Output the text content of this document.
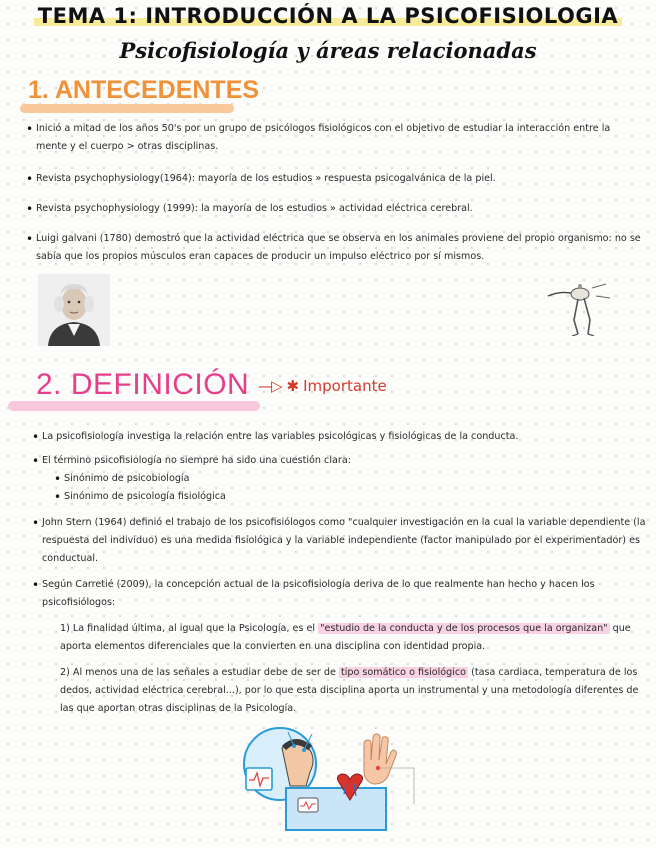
TEMA 1: INTRODUCCIÓN A LA PSICOFISIOLOGIA
Psicofisiología y áreas relacionadas
1. ANTECEDENTES
• Inició a mitad de los años 50's por un grupo de psicólogos fisiológicos con el objetivo de estudiar la interacción entre la mente y el cuerpo > otras disciplinas.
• Revista psychophysiology(1964): mayoría de los estudios » respuesta psicogalvánica de la piel.
• Revista psychophysiology (1999): la mayoría de los estudios » actividad eléctrica cerebral.
• Luigi galvani (1780) demostró que la actividad eléctrica que se observa en los animales proviene del propio organismo: no se sabía que los propios músculos eran capaces de producir un impulso eléctrico por sí mismos.
2. DEFINICIÓN —▷ ✱ Importante
• La psicofisiología investiga la relación entre las variables psicológicas y fisiológicas de la conducta.
• El término psicofisiología no siempre ha sido una cuestión clara:
• Sinónimo de psicobiología
• Sinónimo de psicología fisiológica
• John Stern (1964) definió el trabajo de los psicofisiólogos como "cualquier investigación en la cual la variable dependiente (la respuesta del individuo) es una medida fisiológica y la variable independiente (factor manipulado por el experimentador) es conductual.
• Según Carretié (2009), la concepción actual de la psicofisiología deriva de lo que realmente han hecho y hacen los psicofisiólogos:
1) La finalidad última, al igual que la Psicología, es el "estudio de la conducta y de los procesos que la organizan" que aporta elementos diferenciales que la convierten en una disciplina con identidad propia.
2) Al menos una de las señales a estudiar debe de ser de tipo somático o fisiológico (tasa cardiaca, temperatura de los dedos, actividad eléctrica cerebral...), por lo que esta disciplina aporta un instrumental y una metodología diferentes de las que aportan otras disciplinas de la Psicología.
